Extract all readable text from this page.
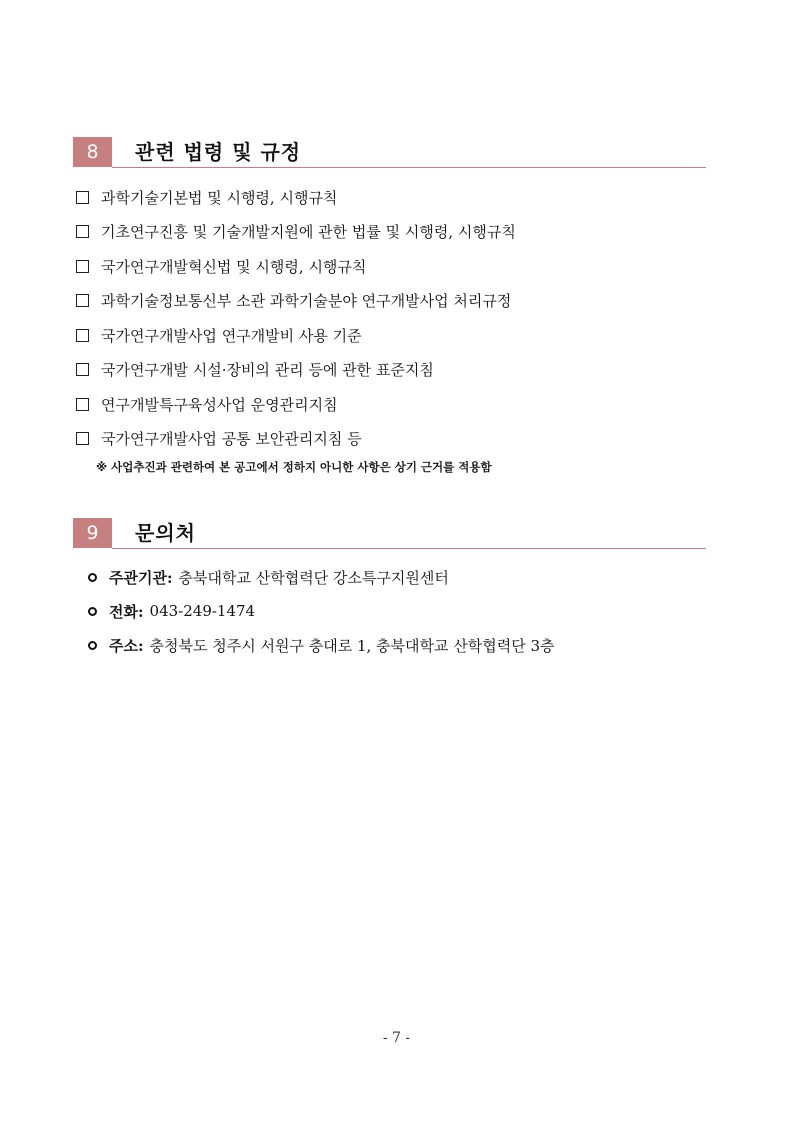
8	관련 법령 및 규정
과학기술기본법 및 시행령, 시행규칙
기초연구진흥 및 기술개발지원에 관한 법률 및 시행령, 시행규칙
국가연구개발혁신법 및 시행령, 시행규칙
과학기술정보통신부 소관 과학기술분야 연구개발사업 처리규정
국가연구개발사업 연구개발비 사용 기준
국가연구개발 시설·장비의 관리 등에 관한 표준지침
연구개발특구육성사업 운영관리지침
국가연구개발사업 공통 보안관리지침 등
※ 사업추진과 관련하여 본 공고에서 정하지 아니한 사항은 상기 근거를 적용함
9	문의처
주관기관: 충북대학교 산학협력단 강소특구지원센터
전화: 043-249-1474
주소: 충청북도 청주시 서원구 충대로 1, 충북대학교 산학협력단 3층
- 7 -
